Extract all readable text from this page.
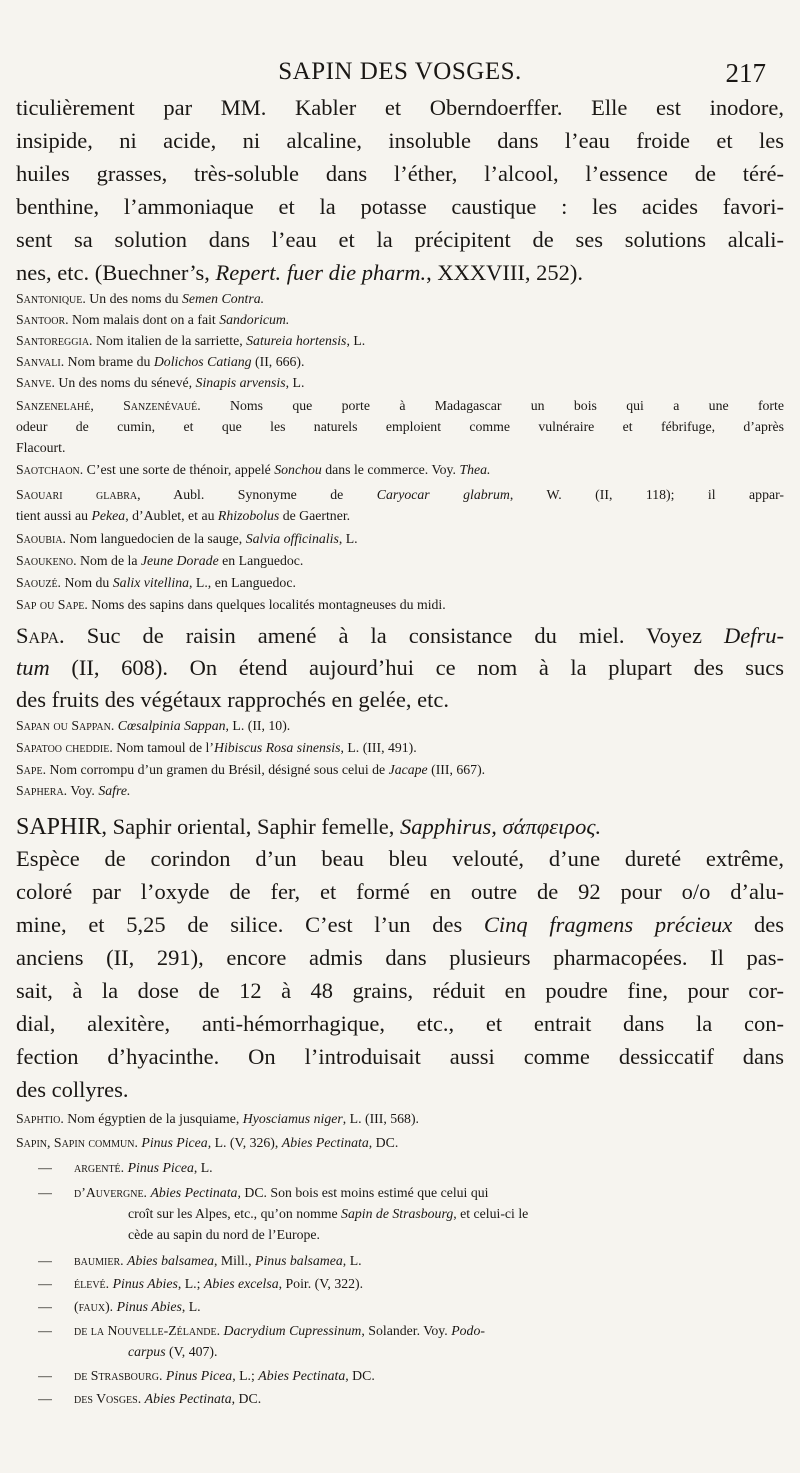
SAPIN DES VOSGES.	217
ticulièrement par MM. Kabler et Oberndoerffer. Elle est inodore,
insipide, ni acide, ni alcaline, insoluble dans l’eau froide et les
huiles grasses, très-soluble dans l’éther, l’alcool, l’essence de téré-
benthine, l’ammoniaque et la potasse caustique : les acides favori-
sent sa solution dans l’eau et la précipitent de ses solutions alcali-
nes, etc. (Buechner’s, Repert. fuer die pharm., XXXVIII, 252).
Santonique. Un des noms du Semen Contra.
Santoor. Nom malais dont on a fait Sandoricum.
Santoreggia. Nom italien de la sarriette, Satureia hortensis, L.
Sanvali. Nom brame du Dolichos Catiang (II, 666).
Sanve. Un des noms du sénevé, Sinapis arvensis, L.
Sanzenelahé, Sanzenévaué. Noms que porte à Madagascar un bois qui a une forte
odeur de cumin, et que les naturels emploient comme vulnéraire et fébrifuge, d’après
Flacourt.
Saotchaon. C’est une sorte de thénoir, appelé Sonchou dans le commerce. Voy. Thea.
Saouari glabra, Aubl. Synonyme de Caryocar glabrum, W. (II, 118); il appar-
tient aussi au Pekea, d’Aublet, et au Rhizobolus de Gaertner.
Saoubia. Nom languedocien de la sauge, Salvia officinalis, L.
Saoukeno. Nom de la Jeune Dorade en Languedoc.
Saouzé. Nom du Salix vitellina, L., en Languedoc.
Sap ou Sape. Noms des sapins dans quelques localités montagneuses du midi.
Sapa. Suc de raisin amené à la consistance du miel. Voyez Defru-
tum (II, 608). On étend aujourd’hui ce nom à la plupart des sucs
des fruits des végétaux rapprochés en gelée, etc.
Sapan ou Sappan. Cœsalpinia Sappan, L. (II, 10).
Sapatoo cheddie. Nom tamoul de l’Hibiscus Rosa sinensis, L. (III, 491).
Sape. Nom corrompu d’un gramen du Brésil, désigné sous celui de Jacape (III, 667).
Saphera. Voy. Safre.
SAPHIR, Saphir oriental, Saphir femelle, Sapphirus, σάπφειρος.
Espèce de corindon d’un beau bleu velouté, d’une dureté extrême,
coloré par l’oxyde de fer, et formé en outre de 92 pour o/o d’alu-
mine, et 5,25 de silice. C’est l’un des Cinq fragmens précieux des
anciens (II, 291), encore admis dans plusieurs pharmacopées. Il pas-
sait, à la dose de 12 à 48 grains, réduit en poudre fine, pour cor-
dial, alexitère, anti-hémorrhagique, etc., et entrait dans la con-
fection d’hyacinthe. On l’introduisait aussi comme dessiccatif dans
des collyres.
Saphtio. Nom égyptien de la jusquiame, Hyosciamus niger, L. (III, 568).
Sapin, Sapin commun. Pinus Picea, L. (V, 326), Abies Pectinata, DC.
— argenté. Pinus Picea, L.
— d’Auvergne. Abies Pectinata, DC. Son bois est moins estimé que celui qui
croît sur les Alpes, etc., qu’on nomme Sapin de Strasbourg, et celui-ci le
cède au sapin du nord de l’Europe.
— baumier. Abies balsamea, Mill., Pinus balsamea, L.
— élevé. Pinus Abies, L.; Abies excelsa, Poir. (V, 322).
— (faux). Pinus Abies, L.
— de la Nouvelle-Zélande. Dacrydium Cupressinum, Solander. Voy. Podo-
carpus (V, 407).
— de Strasbourg. Pinus Picea, L.; Abies Pectinata, DC.
— des Vosges. Abies Pectinata, DC.
